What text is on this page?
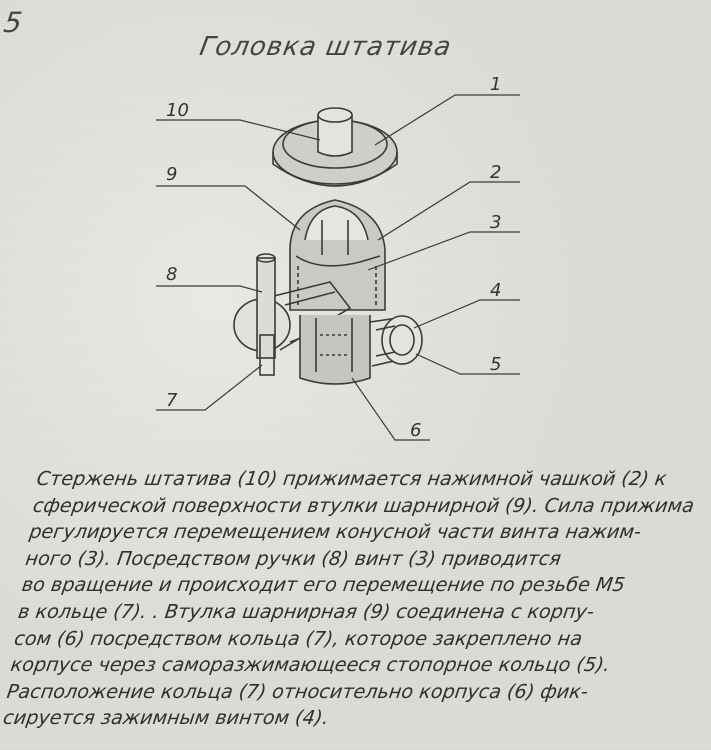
5
Головка штатива
10
1
9	2
3
8
4
5
7
6
Стержень штатива (10) прижимается нажимной чашкой (2) к
сферической поверхности втулки шарнирной (9). Сила прижима
регулируется перемещением конусной части винта нажим-
ного (3). Посредством ручки (8) винт (3) приводится
во вращение и происходит его перемещение по резьбе М5
в кольце (7). . Втулка шарнирная (9) соединена с корпу-
сом (6) посредством кольца (7), которое закреплено на
корпусе через саморазжимающееся стопорное кольцо (5).
Расположение кольца (7) относительно корпуса (6) фик-
сируется зажимным винтом (4).
